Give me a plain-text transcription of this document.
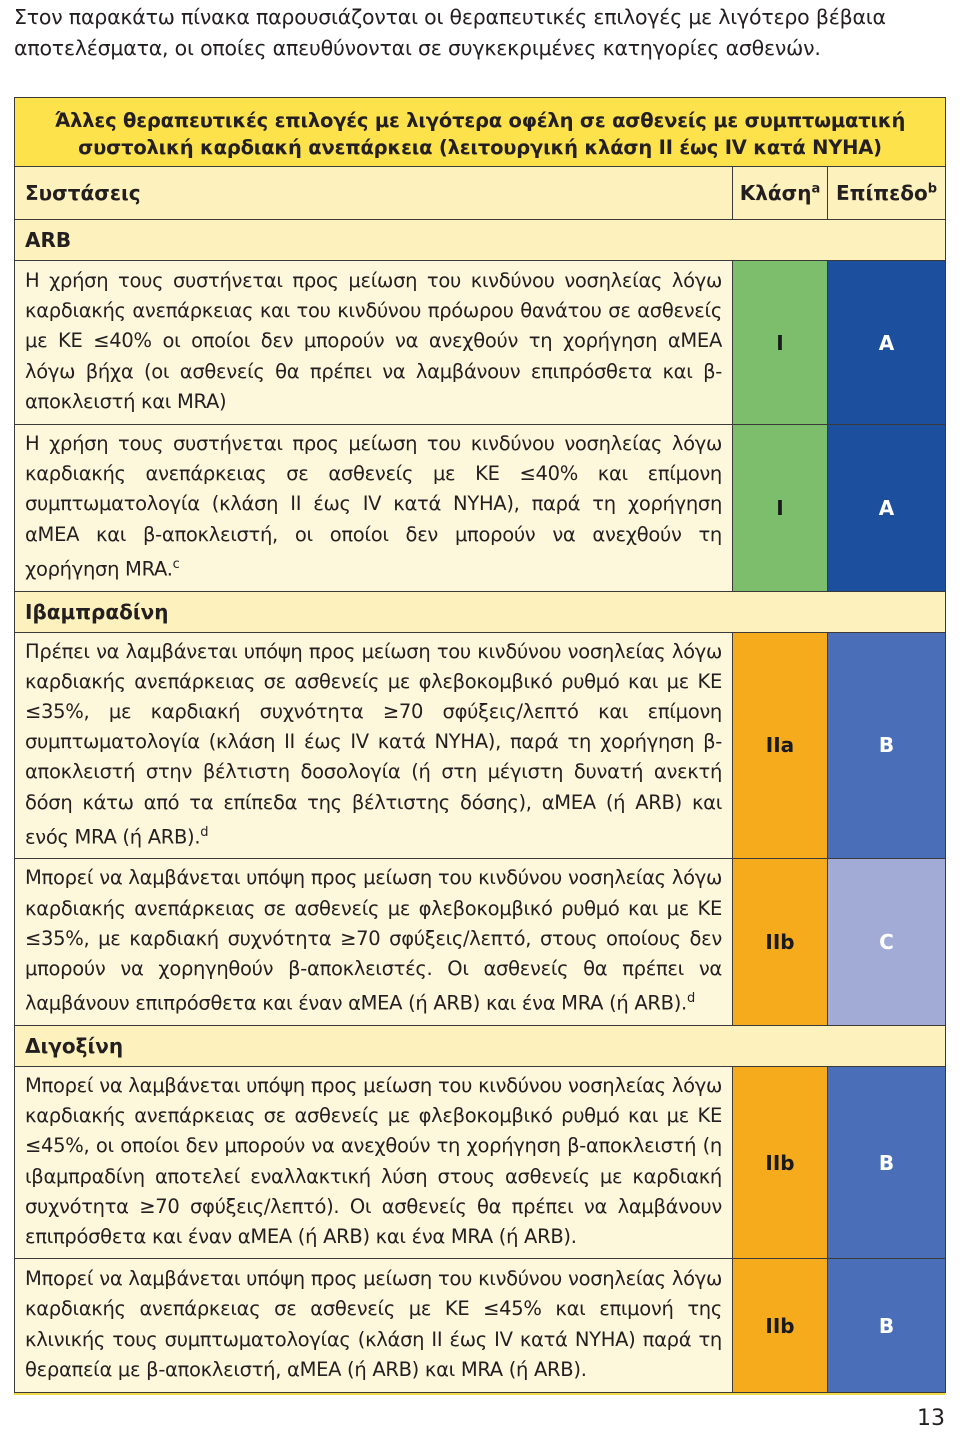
Στον παρακάτω πίνακα παρουσιάζονται οι θεραπευτικές επιλογές με λιγότερο βέβαια αποτελέσματα, οι οποίες απευθύνονται σε συγκεκριμένες κατηγορίες ασθενών.
Άλλες θεραπευτικές επιλογές με λιγότερα οφέλη σε ασθενείς με συμπτωματική συστολική καρδιακή ανεπάρκεια (λειτουργική κλάση II έως IV κατά NYHA)		

Συστάσεις	Κλάση$^a$	Επίπεδο$^b$
ARB		
Η χρήση τους συστήνεται προς μείωση του κινδύνου νοσηλείας λόγω καρδιακής ανεπάρκειας και του κινδύνου πρόωρου θανάτου σε ασθενείς με ΚΕ ≤40% οι οποίοι δεν μπορούν να ανεχθούν τη χορήγηση αΜΕΑ λόγω βήχα (οι ασθενείς θα πρέπει να λαμβάνουν επιπρόσθετα και β-αποκλειστή και MRA)	I	A
Η χρήση τους συστήνεται προς μείωση του κινδύνου νοσηλείας λόγω καρδιακής ανεπάρκειας σε ασθενείς με ΚΕ ≤40% και επίμονη συμπτωματολογία (κλάση II έως IV κατά NYHA), παρά τη χορήγηση αΜΕΑ και β-αποκλειστή, οι οποίοι δεν μπορούν να ανεχθούν τη χορήγηση MRA.$^c$	I	A
Ιβαμπραδίνη		
Πρέπει να λαμβάνεται υπόψη προς μείωση του κινδύνου νοσηλείας λόγω καρδιακής ανεπάρκειας σε ασθενείς με φλεβοκομβικό ρυθμό και με ΚΕ ≤35%, με καρδιακή συχνότητα ≥70 σφύξεις/λεπτό και επίμονη συμπτωματολογία (κλάση II έως IV κατά NYHA), παρά τη χορήγηση β-αποκλειστή στην βέλτιστη δοσολογία (ή στη μέγιστη δυνατή ανεκτή δόση κάτω από τα επίπεδα της βέλτιστης δόσης), αΜΕΑ (ή ARB) και ενός MRA (ή ARB).$^d$	IIa	B
Μπορεί να λαμβάνεται υπόψη προς μείωση του κινδύνου νοσηλείας λόγω καρδιακής ανεπάρκειας σε ασθενείς με φλεβοκομβικό ρυθμό και με ΚΕ ≤35%, με καρδιακή συχνότητα ≥70 σφύξεις/λεπτό, στους οποίους δεν μπορούν να χορηγηθούν β-αποκλειστές. Οι ασθενείς θα πρέπει να λαμβάνουν επιπρόσθετα και έναν αΜΕΑ (ή ARB) και ένα MRA (ή ARB).$^d$	IIb	C
Διγοξίνη		
Μπορεί να λαμβάνεται υπόψη προς μείωση του κινδύνου νοσηλείας λόγω καρδιακής ανεπάρκειας σε ασθενείς με φλεβοκομβικό ρυθμό και με ΚΕ ≤45%, οι οποίοι δεν μπορούν να ανεχθούν τη χορήγηση β-αποκλειστή (η ιβαμπραδίνη αποτελεί εναλλακτική λύση στους ασθενείς με καρδιακή συχνότητα ≥70 σφύξεις/λεπτό). Οι ασθενείς θα πρέπει να λαμβάνουν επιπρόσθετα και έναν αΜΕΑ (ή ARB) και ένα MRA (ή ARB).	IIb	B
Μπορεί να λαμβάνεται υπόψη προς μείωση του κινδύνου νοσηλείας λόγω καρδιακής ανεπάρκειας σε ασθενείς με ΚΕ ≤45% και επιμονή της κλινικής τους συμπτωματολογίας (κλάση II έως IV κατά NYHA) παρά τη θεραπεία με β-αποκλειστή, αΜΕΑ (ή ARB) και MRA (ή ARB).	IIb	B
13
